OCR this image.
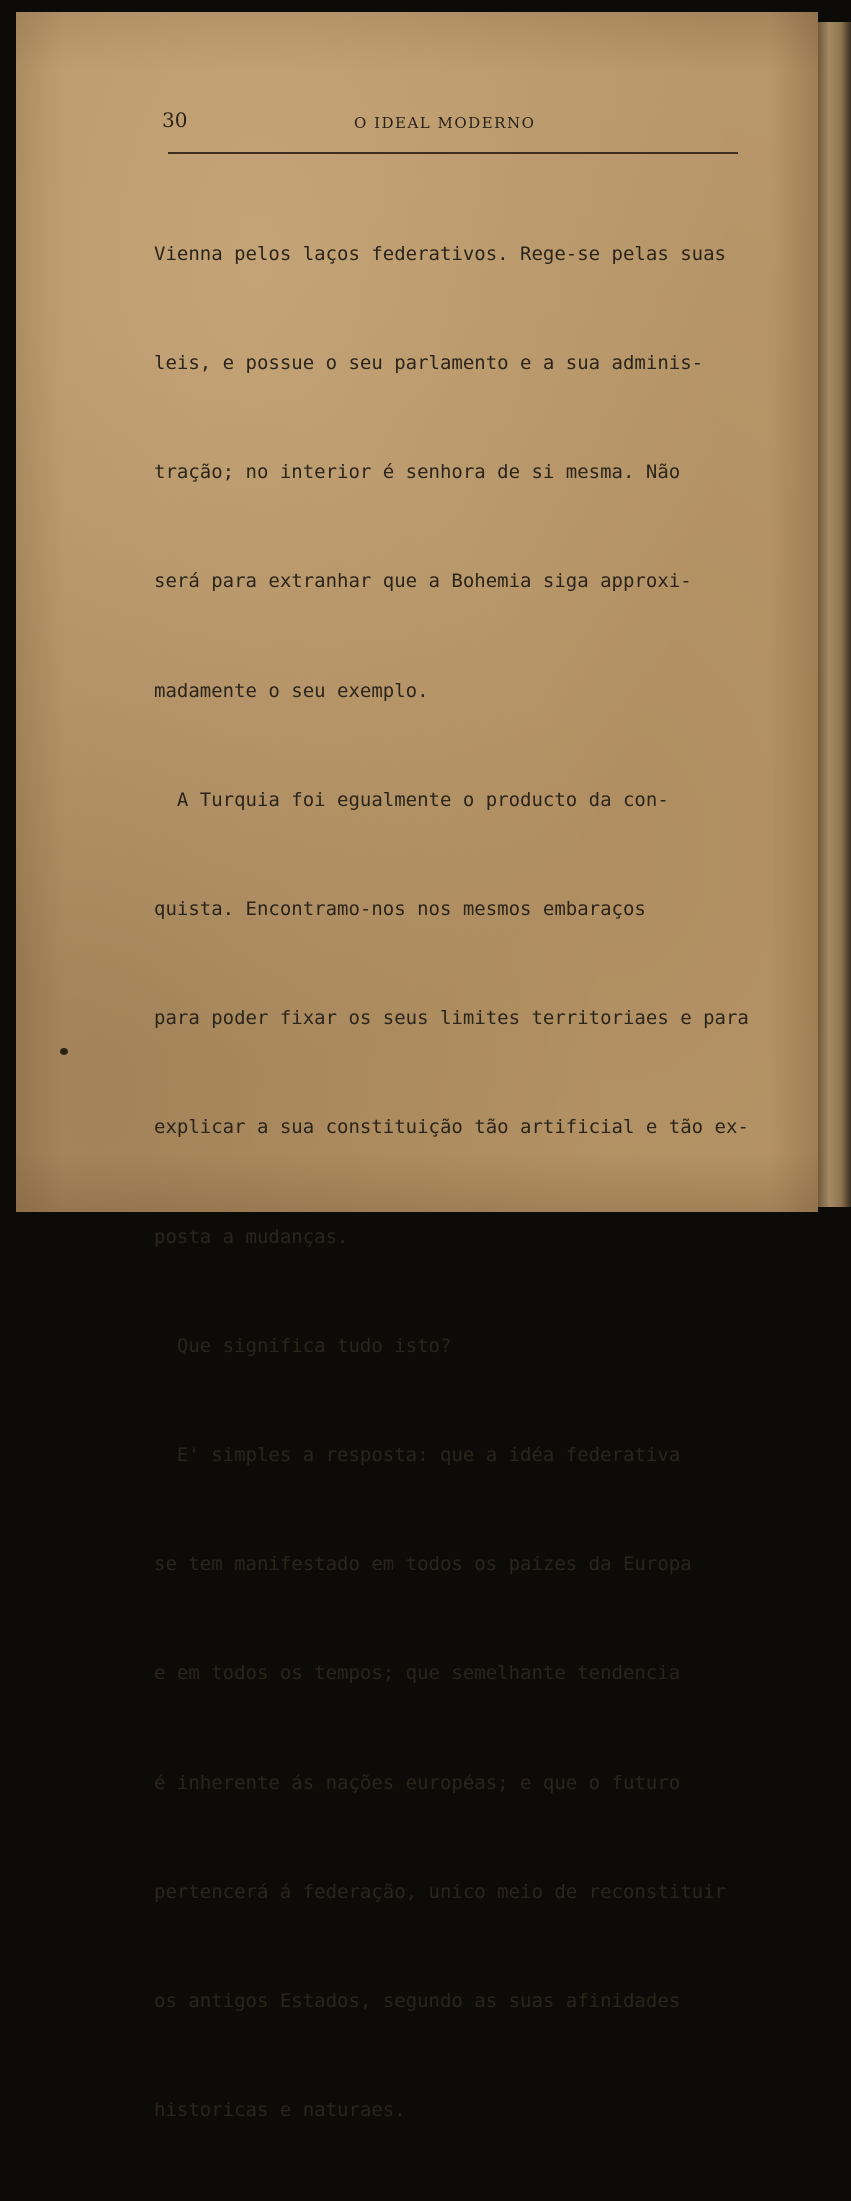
30	O IDEAL MODERNO

Vienna pelos laços federativos. Rege-se pelas suas

leis, e possue o seu parlamento e a sua adminis-

tração; no interior é senhora de si mesma. Não

será para extranhar que a Bohemia siga approxi-

madamente o seu exemplo.

A Turquia foi egualmente o producto da con-

quista. Encontramo-nos nos mesmos embaraços

para poder fixar os seus limites territoriaes e para

explicar a sua constituição tão artificial e tão ex-

posta a mudanças.

Que significa tudo isto?

E' simples a resposta: que a idéa federativa

se tem manifestado em todos os paizes da Europa

e em todos os tempos; que semelhante tendencia

é inherente ás nações européas; e que o futuro

pertencerá á federação, unico meio de reconstituir

os antigos Estados, segundo as suas afinidades

historicas e naturaes.
